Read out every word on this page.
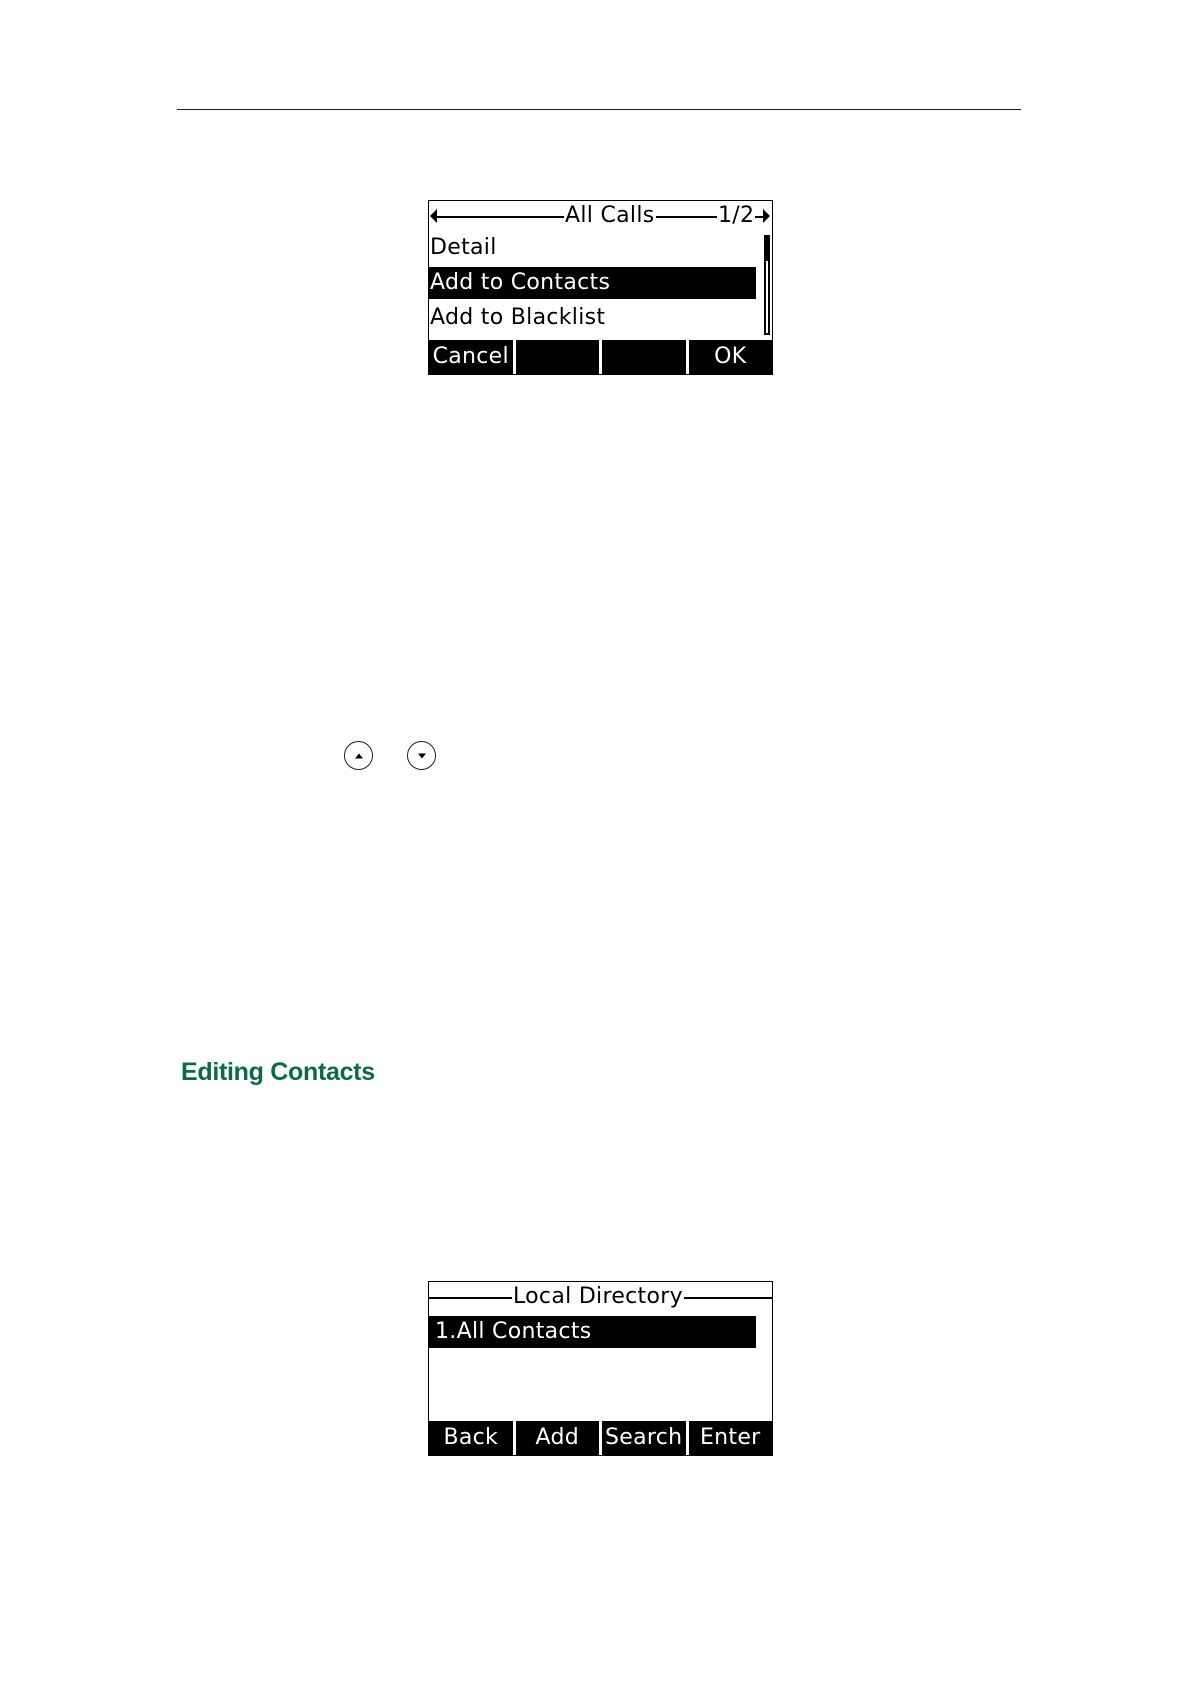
All Calls	1/2
Detail
Add to Contacts
Add to Blacklist
Cancel	OK
Editing Contacts
Local Directory
1.All Contacts
Back	Add	Search Enter
